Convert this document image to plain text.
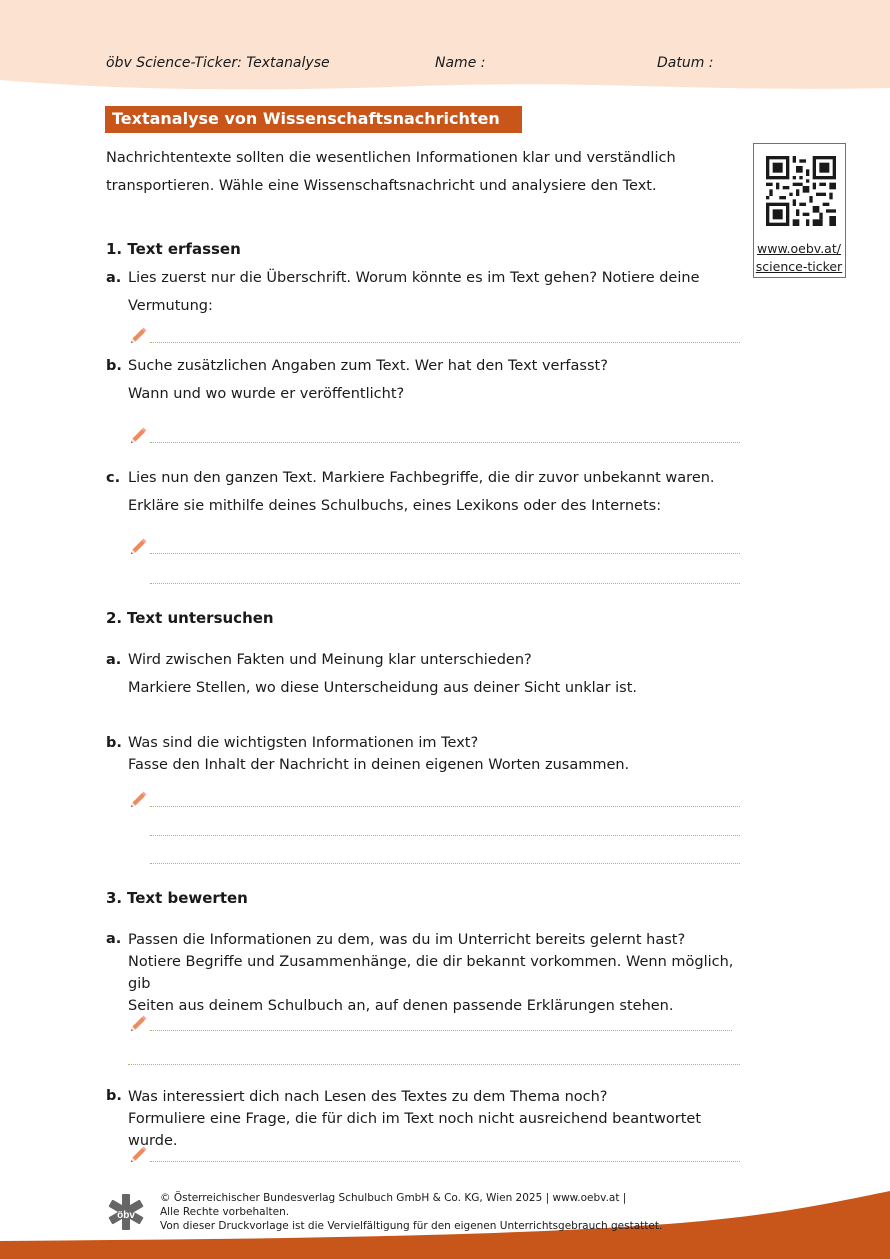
öbv Science-Ticker: Textanalyse	Name :	Datum :
Textanalyse von Wissenschaftsnachrichten
Nachrichtentexte sollten die wesentlichen Informationen klar und verständlich transportieren. Wähle eine Wissenschaftsnachricht und analysiere den Text.
www.oebv.at/
science-ticker
1. Text erfassen
a. Lies zuerst nur die Überschrift. Worum könnte es im Text gehen? Notiere deine Vermutung:
b. Suche zusätzlichen Angaben zum Text. Wer hat den Text verfasst?
Wann und wo wurde er veröffentlicht?
c. Lies nun den ganzen Text. Markiere Fachbegriffe, die dir zuvor unbekannt waren. Erkläre sie mithilfe deines Schulbuchs, eines Lexikons oder des Internets:
2. Text untersuchen
a. Wird zwischen Fakten und Meinung klar unterschieden?
Markiere Stellen, wo diese Unterscheidung aus deiner Sicht unklar ist.
b. Was sind die wichtigsten Informationen im Text?
Fasse den Inhalt der Nachricht in deinen eigenen Worten zusammen.
3. Text bewerten
a. Passen die Informationen zu dem, was du im Unterricht bereits gelernt hast?
Notiere Begriffe und Zusammenhänge, die dir bekannt vorkommen. Wenn möglich, gib
Seiten aus deinem Schulbuch an, auf denen passende Erklärungen stehen.
b. Was interessiert dich nach Lesen des Textes zu dem Thema noch?
Formuliere eine Frage, die für dich im Text noch nicht ausreichend beantwortet wurde.
öbv
© Österreichischer Bundesverlag Schulbuch GmbH & Co. KG, Wien 2025 | www.oebv.at |
Alle Rechte vorbehalten.
Von dieser Druckvorlage ist die Vervielfältigung für den eigenen Unterrichtsgebrauch gestattet.
